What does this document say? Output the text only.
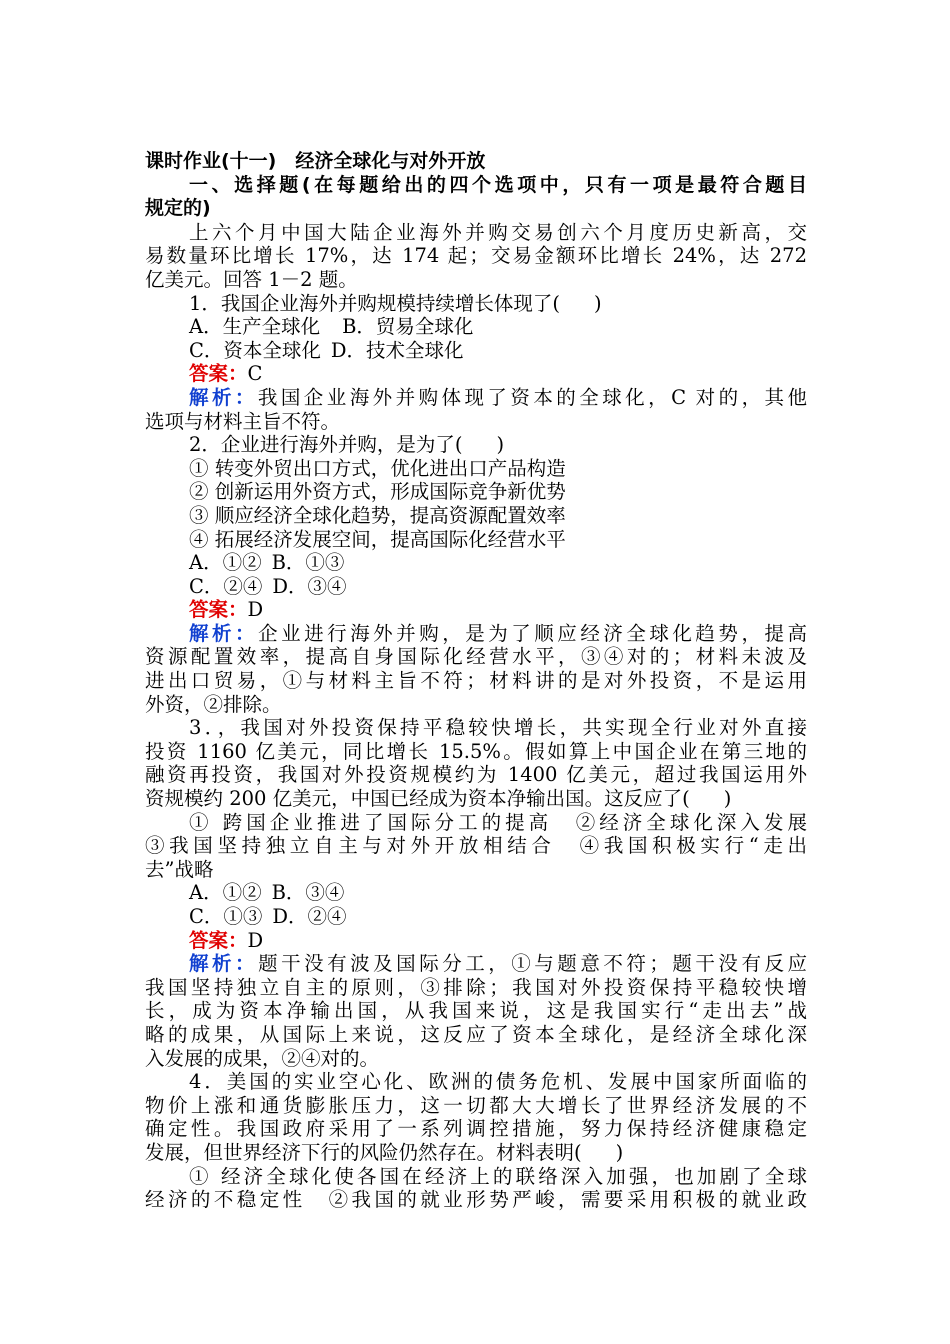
课时作业(十一)　经济全球化与对外开放
一、选择题(在每题给出的四个选项中，只有一项是最符合题目
规定的)
上六个月中国大陆企业海外并购交易创六个月度历史新高，交
易数量环比增长 17%，达 174 起；交易金额环比增长 24%，达 272
亿美元。回答 1－2 题。
1．我国企业海外并购规模持续增长体现了( )
A．生产全球化 B．贸易全球化
C．资本全球化 D．技术全球化
答案：C
解析：我国企业海外并购体现了资本的全球化，C 对的，其他
选项与材料主旨不符。
2．企业进行海外并购，是为了( )
① 转变外贸出口方式，优化进出口产品构造
② 创新运用外资方式，形成国际竞争新优势
③ 顺应经济全球化趋势，提高资源配置效率
④ 拓展经济发展空间，提高国际化经营水平
A．①② B．①③
C．②④ D．③④
答案：D
解析：企业进行海外并购，是为了顺应经济全球化趋势，提高
资源配置效率，提高自身国际化经营水平，③④对的；材料未波及
进出口贸易，①与材料主旨不符；材料讲的是对外投资，不是运用
外资，②排除。
3．，我国对外投资保持平稳较快增长，共实现全行业对外直接
投资 1160 亿美元，同比增长 15.5%。假如算上中国企业在第三地的
融资再投资，我国对外投资规模约为 1400 亿美元，超过我国运用外
资规模约 200 亿美元，中国已经成为资本净输出国。这反应了( )
① 跨国企业推进了国际分工的提高　②经济全球化深入发展
③我国坚持独立自主与对外开放相结合　④我国积极实行“走出
去”战略
A．①② B．③④
C．①③ D．②④
答案：D
解析：题干没有波及国际分工，①与题意不符；题干没有反应
我国坚持独立自主的原则，③排除；我国对外投资保持平稳较快增
长，成为资本净输出国，从我国来说，这是我国实行“走出去”战
略的成果，从国际上来说，这反应了资本全球化，是经济全球化深
入发展的成果，②④对的。
4．美国的实业空心化、欧洲的债务危机、发展中国家所面临的
物价上涨和通货膨胀压力，这一切都大大增长了世界经济发展的不
确定性。我国政府采用了一系列调控措施，努力保持经济健康稳定
发展，但世界经济下行的风险仍然存在。材料表明( )
① 经济全球化使各国在经济上的联络深入加强，也加剧了全球
经济的不稳定性　②我国的就业形势严峻，需要采用积极的就业政
